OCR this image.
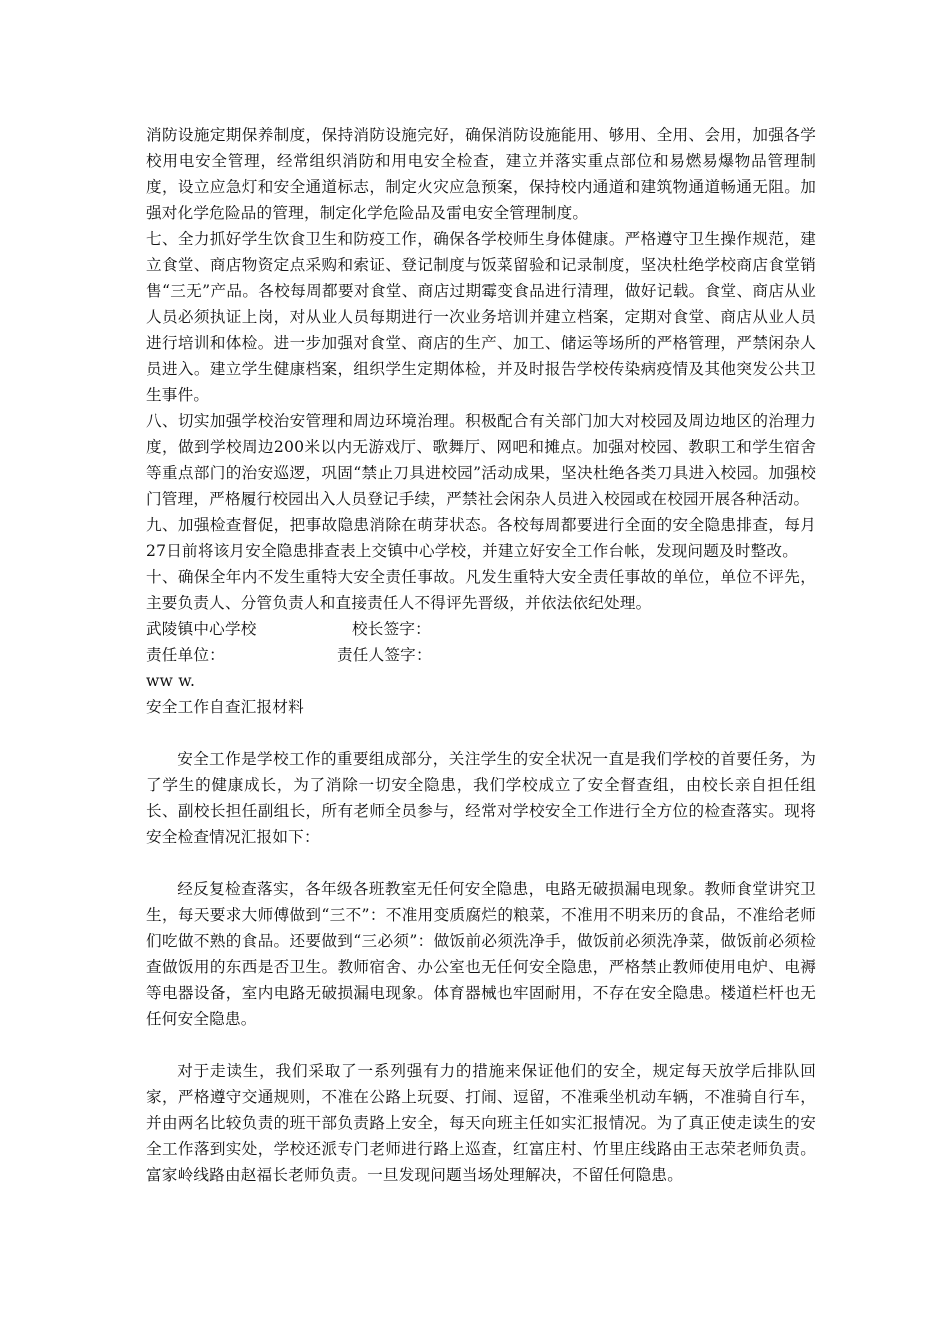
消防设施定期保养制度，保持消防设施完好，确保消防设施能用、够用、全用、会用，加强各学校用电安全管理，经常组织消防和用电安全检查，建立并落实重点部位和易燃易爆物品管理制度，设立应急灯和安全通道标志，制定火灾应急预案，保持校内通道和建筑物通道畅通无阻。加强对化学危险品的管理，制定化学危险品及雷电安全管理制度。

七、全力抓好学生饮食卫生和防疫工作，确保各学校师生身体健康。严格遵守卫生操作规范，建立食堂、商店物资定点采购和索证、登记制度与饭菜留验和记录制度，坚决杜绝学校商店食堂销售“三无”产品。各校每周都要对食堂、商店过期霉变食品进行清理，做好记载。食堂、商店从业人员必须执证上岗，对从业人员每期进行一次业务培训并建立档案，定期对食堂、商店从业人员进行培训和体检。进一步加强对食堂、商店的生产、加工、储运等场所的严格管理，严禁闲杂人员进入。建立学生健康档案，组织学生定期体检，并及时报告学校传染病疫情及其他突发公共卫生事件。

八、切实加强学校治安管理和周边环境治理。积极配合有关部门加大对校园及周边地区的治理力度，做到学校周边200米以内无游戏厅、歌舞厅、网吧和摊点。加强对校园、教职工和学生宿舍等重点部门的治安巡逻，巩固“禁止刀具进校园”活动成果，坚决杜绝各类刀具进入校园。加强校门管理，严格履行校园出入人员登记手续，严禁社会闲杂人员进入校园或在校园开展各种活动。

九、加强检查督促，把事故隐患消除在萌芽状态。各校每周都要进行全面的安全隐患排查，每月27日前将该月安全隐患排查表上交镇中心学校，并建立好安全工作台帐，发现问题及时整改。

十、确保全年内不发生重特大安全责任事故。凡发生重特大安全责任事故的单位，单位不评先，主要负责人、分管负责人和直接责任人不得评先晋级，并依法依纪处理。

武陵镇中心学校	校长签字：

责任单位：	责任人签字：

ww w.

安全工作自查汇报材料

安全工作是学校工作的重要组成部分，关注学生的安全状况一直是我们学校的首要任务，为了学生的健康成长，为了消除一切安全隐患，我们学校成立了安全督查组，由校长亲自担任组长、副校长担任副组长，所有老师全员参与，经常对学校安全工作进行全方位的检查落实。现将安全检查情况汇报如下：

经反复检查落实，各年级各班教室无任何安全隐患，电路无破损漏电现象。教师食堂讲究卫生，每天要求大师傅做到“三不”：不准用变质腐烂的粮菜，不准用不明来历的食品，不准给老师们吃做不熟的食品。还要做到“三必须”：做饭前必须洗净手，做饭前必须洗净菜，做饭前必须检查做饭用的东西是否卫生。教师宿舍、办公室也无任何安全隐患，严格禁止教师使用电炉、电褥等电器设备，室内电路无破损漏电现象。体育器械也牢固耐用，不存在安全隐患。楼道栏杆也无任何安全隐患。

对于走读生，我们采取了一系列强有力的措施来保证他们的安全，规定每天放学后排队回家，严格遵守交通规则，不准在公路上玩耍、打闹、逗留，不准乘坐机动车辆，不准骑自行车，并由两名比较负责的班干部负责路上安全，每天向班主任如实汇报情况。为了真正使走读生的安全工作落到实处，学校还派专门老师进行路上巡查，红富庄村、竹里庄线路由王志荣老师负责。富家岭线路由赵福长老师负责。一旦发现问题当场处理解决，不留任何隐患。
